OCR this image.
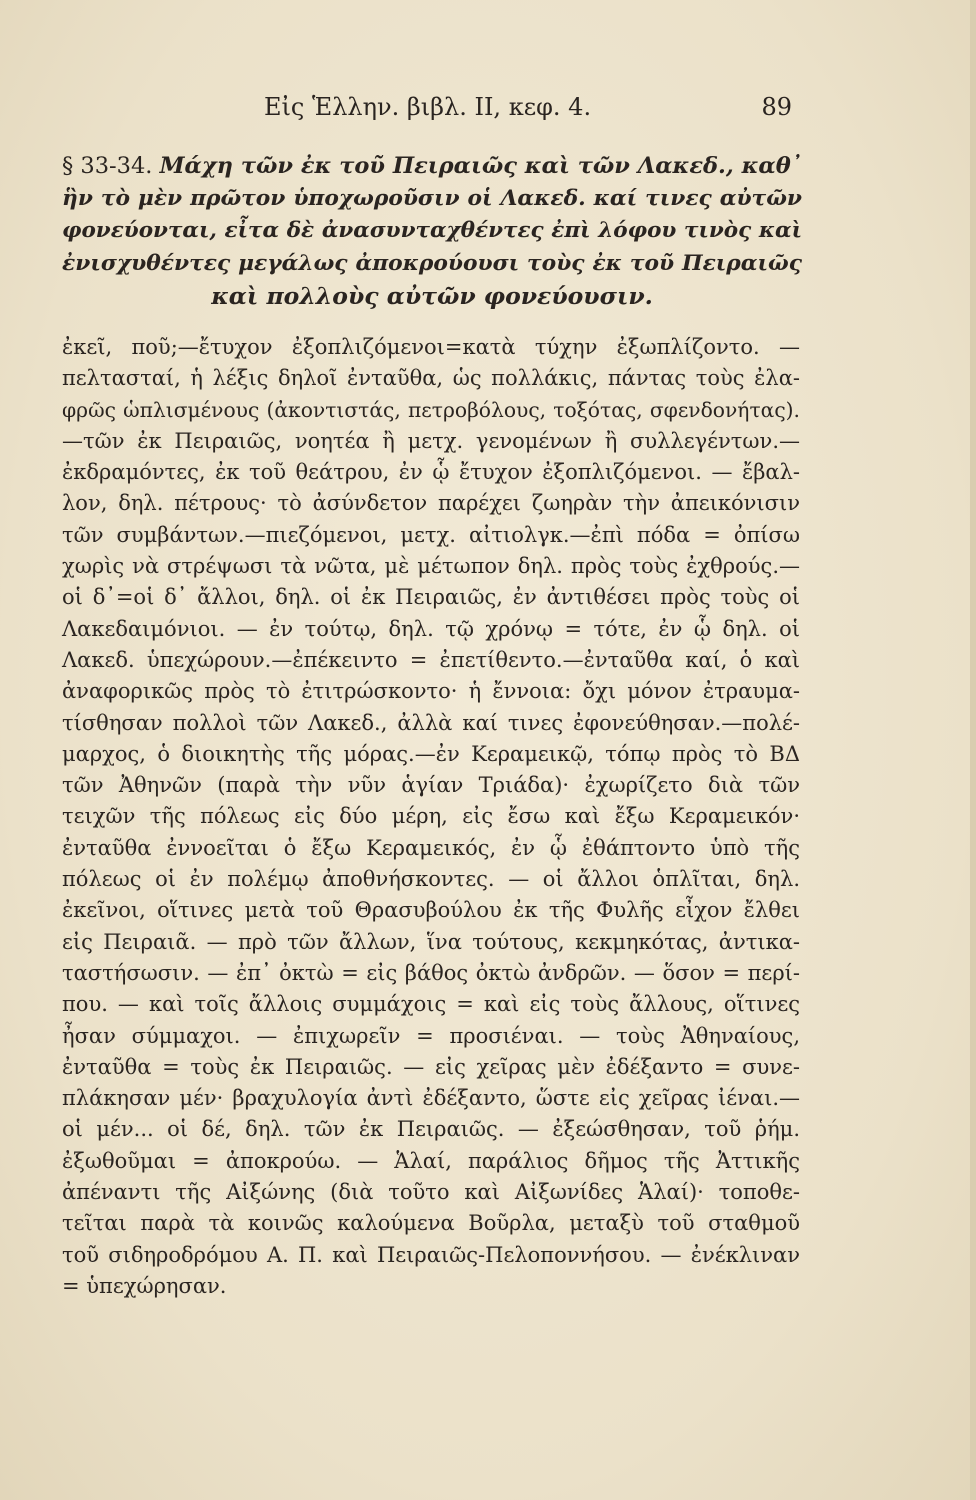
Εἰς Ἑλλην. βιβλ. II, κεφ. 4.	89
§ 33-34. Μάχη τῶν ἐκ τοῦ Πειραιῶς καὶ τῶν Λακεδ., καθ᾽
ἣν τὸ μὲν πρῶτον ὑποχωροῦσιν οἱ Λακεδ. καί τινες αὐτῶν
φονεύονται, εἶτα δὲ ἀνασυνταχθέντες ἐπὶ λόφου τινὸς καὶ
ἐνισχυθέντες μεγάλως ἀποκρούουσι τοὺς ἐκ τοῦ Πειραιῶς
καὶ πολλοὺς αὐτῶν φονεύουσιν.
ἐκεῖ, ποῦ;—ἔτυχον ἐξοπλιζόμενοι=κατὰ τύχην ἐξωπλίζοντο. —
πελτασταί, ἡ λέξις δηλοῖ ἐνταῦθα, ὡς πολλάκις, πάντας τοὺς ἐλα-
φρῶς ὡπλισμένους (ἀκοντιστάς, πετροβόλους, τοξότας, σφενδονήτας).
—τῶν ἐκ Πειραιῶς, νοητέα ἢ μετχ. γενομένων ἢ συλλεγέντων.—
ἐκδραμόντες, ἐκ τοῦ θεάτρου, ἐν ᾧ ἔτυχον ἐξοπλιζόμενοι. — ἔβαλ-
λον, δηλ. πέτρους· τὸ ἀσύνδετον παρέχει ζωηρὰν τὴν ἀπεικόνισιν
τῶν συμβάντων.—πιεζόμενοι, μετχ. αἰτιολγκ.—ἐπὶ πόδα = ὀπίσω
χωρὶς νὰ στρέψωσι τὰ νῶτα, μὲ μέτωπον δηλ. πρὸς τοὺς ἐχθρούς.—
οἱ δ᾽=οἱ δ᾽ ἄλλοι, δηλ. οἱ ἐκ Πειραιῶς, ἐν ἀντιθέσει πρὸς τοὺς οἱ
Λακεδαιμόνιοι. — ἐν τούτῳ, δηλ. τῷ χρόνῳ = τότε, ἐν ᾧ δηλ. οἱ
Λακεδ. ὑπεχώρουν.—ἐπέκειντο = ἐπετίθεντο.—ἐνταῦθα καί, ὁ καὶ
ἀναφορικῶς πρὸς τὸ ἐτιτρώσκοντο· ἡ ἔννοια: ὄχι μόνον ἐτραυμα-
τίσθησαν πολλοὶ τῶν Λακεδ., ἀλλὰ καί τινες ἐφονεύθησαν.—πολέ-
μαρχος, ὁ διοικητὴς τῆς μόρας.—ἐν Κεραμεικῷ, τόπῳ πρὸς τὸ ΒΔ
τῶν Ἀθηνῶν (παρὰ τὴν νῦν ἁγίαν Τριάδα)· ἐχωρίζετο διὰ τῶν
τειχῶν τῆς πόλεως εἰς δύο μέρη, εἰς ἔσω καὶ ἔξω Κεραμεικόν·
ἐνταῦθα ἐννοεῖται ὁ ἔξω Κεραμεικός, ἐν ᾧ ἐθάπτοντο ὑπὸ τῆς
πόλεως οἱ ἐν πολέμῳ ἀποθνήσκοντες. — οἱ ἄλλοι ὁπλῖται, δηλ.
ἐκεῖνοι, οἵτινες μετὰ τοῦ Θρασυβούλου ἐκ τῆς Φυλῆς εἶχον ἔλθει
εἰς Πειραιᾶ. — πρὸ τῶν ἄλλων, ἵνα τούτους, κεκμηκότας, ἀντικα-
ταστήσωσιν. — ἐπ᾽ ὀκτὼ = εἰς βάθος ὀκτὼ ἀνδρῶν. — ὅσον = περί-
που. — καὶ τοῖς ἄλλοις συμμάχοις = καὶ εἰς τοὺς ἄλλους, οἵτινες
ἦσαν σύμμαχοι. — ἐπιχωρεῖν = προσιέναι. — τοὺς Ἀθηναίους,
ἐνταῦθα = τοὺς ἐκ Πειραιῶς. — εἰς χεῖρας μὲν ἐδέξαντο = συνε-
πλάκησαν μέν· βραχυλογία ἀντὶ ἐδέξαντο, ὥστε εἰς χεῖρας ἰέναι.—
οἱ μέν... οἱ δέ, δηλ. τῶν ἐκ Πειραιῶς. — ἐξεώσθησαν, τοῦ ῥήμ.
ἐξωθοῦμαι = ἀποκρούω. — Ἁλαί, παράλιος δῆμος τῆς Ἀττικῆς
ἀπέναντι τῆς Αἰξώνης (διὰ τοῦτο καὶ Αἰξωνίδες Ἁλαί)· τοποθε-
τεῖται παρὰ τὰ κοινῶς καλούμενα Βοῦρλα, μεταξὺ τοῦ σταθμοῦ
τοῦ σιδηροδρόμου Α. Π. καὶ Πειραιῶς-Πελοποννήσου. — ἐνέκλιναν
= ὑπεχώρησαν.
